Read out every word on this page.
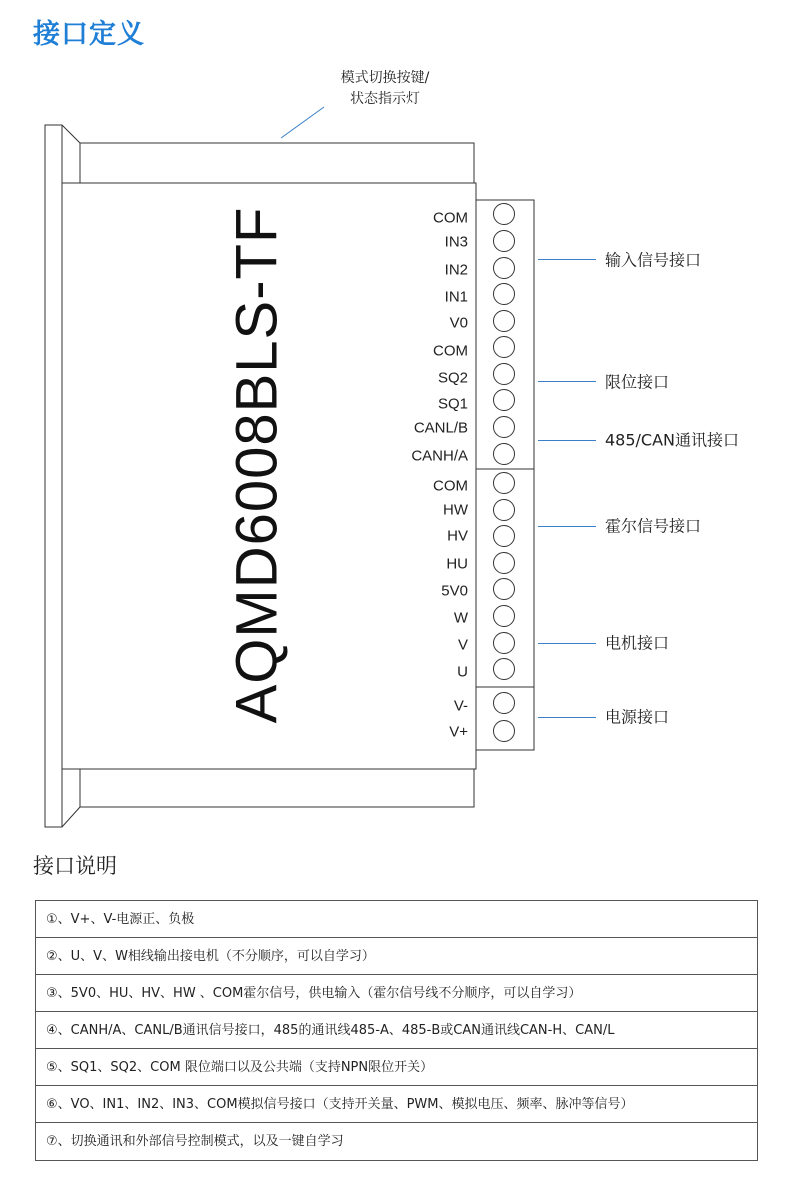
接口定义
模式切换按键/
状态指示灯
AQMD6008BLS-TF	COM
IN3
IN2
IN1
V0
COM
SQ2
SQ1
CANL/B
CANH/A
COM
HW
HV
HU
5V0
W
V
U
V-
V+
输入信号接口
限位接口
485/CAN通讯接口
霍尔信号接口
电机接口
电源接口
接口说明
①、V+、V-电源正、负极
②、U、V、W相线输出接电机（不分顺序，可以自学习）
③、5V0、HU、HV、HW 、COM霍尔信号，供电输入（霍尔信号线不分顺序，可以自学习）
④、CANH/A、CANL/B通讯信号接口，485的通讯线485-A、485-B或CAN通讯线CAN-H、CAN/L
⑤、SQ1、SQ2、COM 限位端口以及公共端（支持NPN限位开关）
⑥、VO、IN1、IN2、IN3、COM模拟信号接口（支持开关量、PWM、模拟电压、频率、脉冲等信号）
⑦、切换通讯和外部信号控制模式，以及一键自学习
